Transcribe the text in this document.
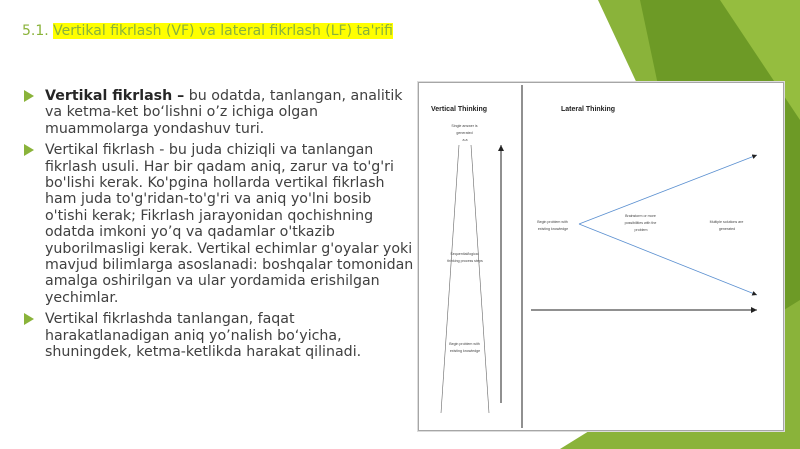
5.1. Vertikal fikrlash (VF) va lateral fikrlash (LF) ta'rifi
Vertikal fikrlash – bu odatda, tanlangan, analitik va ketma-ket bo‘lishni o’z ichiga olgan muammolarga yondashuv turi.
Vertikal fikrlash - bu juda chiziqli va tanlangan fikrlash usuli. Har bir qadam aniq, zarur va to'g'ri bo'lishi kerak. Ko'pgina hollarda vertikal fikrlash ham juda to'g'ridan-to'g'ri va aniq yo'lni bosib o'tishi kerak; Fikrlash jarayonidan qochishning odatda imkoni yo’q va qadamlar o'tkazib yuborilmasligi kerak. Vertikal echimlar g'oyalar yoki mavjud bilimlarga asoslanadi: boshqalar tomonidan amalga oshirilgan va ular yordamida erishilgan yechimlar.
Vertikal fikrlashda tanlangan, faqat harakatlanadigan aniq yo’nalish bo‘yicha, shuningdek, ketma-ketlikda harakat qilinadi.
Vertical Thinking
Single answer is generated a.a
Sequential/logical thinking process steps
Begin problem with existing knowledge
Lateral Thinking
Begin problem with existing knowledge
Brainstorm or more possibilities with the problem
Multiple solutions are generated
